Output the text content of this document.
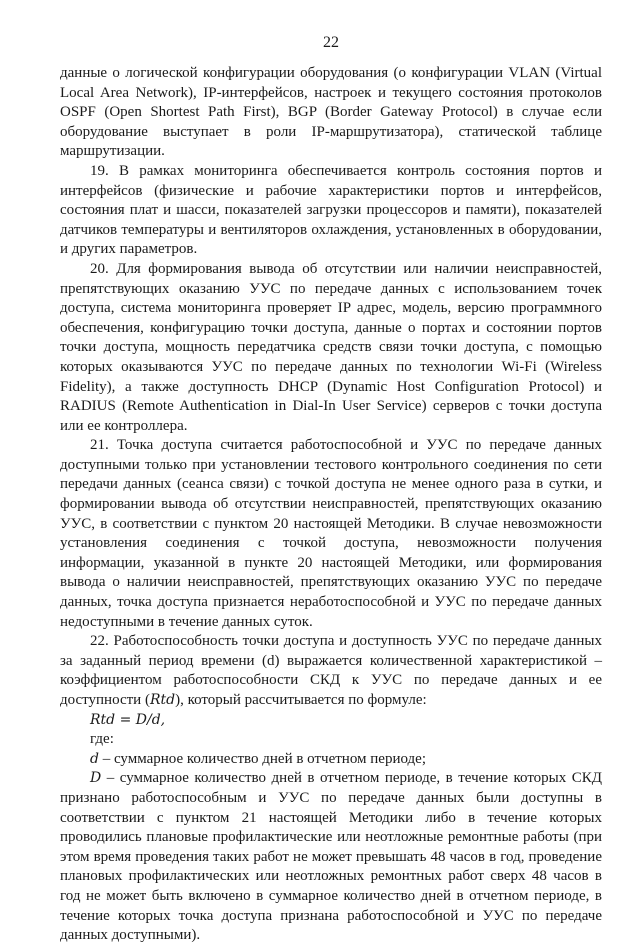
22

данные о логической конфигурации оборудования (о конфигурации VLAN (Virtual Local Area Network), IP-интерфейсов, настроек и текущего состояния протоколов OSPF (Open Shortest Path First), BGP (Border Gateway Protocol) в случае если оборудование выступает в роли IP-маршрутизатора), статической таблице маршрутизации.

19. В рамках мониторинга обеспечивается контроль состояния портов и интерфейсов (физические и рабочие характеристики портов и интерфейсов, состояния плат и шасси, показателей загрузки процессоров и памяти), показателей датчиков температуры и вентиляторов охлаждения, установленных в оборудовании, и других параметров.

20. Для формирования вывода об отсутствии или наличии неисправностей, препятствующих оказанию УУС по передаче данных с использованием точек доступа, система мониторинга проверяет IP адрес, модель, версию программного обеспечения, конфигурацию точки доступа, данные о портах и состоянии портов точки доступа, мощность передатчика средств связи точки доступа, с помощью которых оказываются УУС по передаче данных по технологии Wi-Fi (Wireless Fidelity), а также доступность DHCP (Dynamic Host Configuration Protocol) и RADIUS (Remote Authentication in Dial-In User Service) серверов с точки доступа или ее контроллера.

21. Точка доступа считается работоспособной и УУС по передаче данных доступными только при установлении тестового контрольного соединения по сети передачи данных (сеанса связи) с точкой доступа не менее одного раза в сутки, и формировании вывода об отсутствии неисправностей, препятствующих оказанию УУС, в соответствии с пунктом 20 настоящей Методики. В случае невозможности установления соединения с точкой доступа, невозможности получения информации, указанной в пункте 20 настоящей Методики, или формирования вывода о наличии неисправностей, препятствующих оказанию УУС по передаче данных, точка доступа признается неработоспособной и УУС по передаче данных недоступными в течение данных суток.

22. Работоспособность точки доступа и доступность УУС по передаче данных за заданный период времени (d) выражается количественной характеристикой – коэффициентом работоспособности СКД к УУС по передаче данных и ее доступности (Rtd), который рассчитывается по формуле:

Rtd = D/d,

где:

d – суммарное количество дней в отчетном периоде;

D – суммарное количество дней в отчетном периоде, в течение которых СКД признано работоспособным и УУС по передаче данных были доступны в соответствии с пунктом 21 настоящей Методики либо в течение которых проводились плановые профилактические или неотложные ремонтные работы (при этом время проведения таких работ не может превышать 48 часов в год, проведение плановых профилактических или неотложных ремонтных работ сверх 48 часов в год не может быть включено в суммарное количество дней в отчетном периоде, в течение которых точка доступа признана работоспособной и УУС по передаче данных доступными).
